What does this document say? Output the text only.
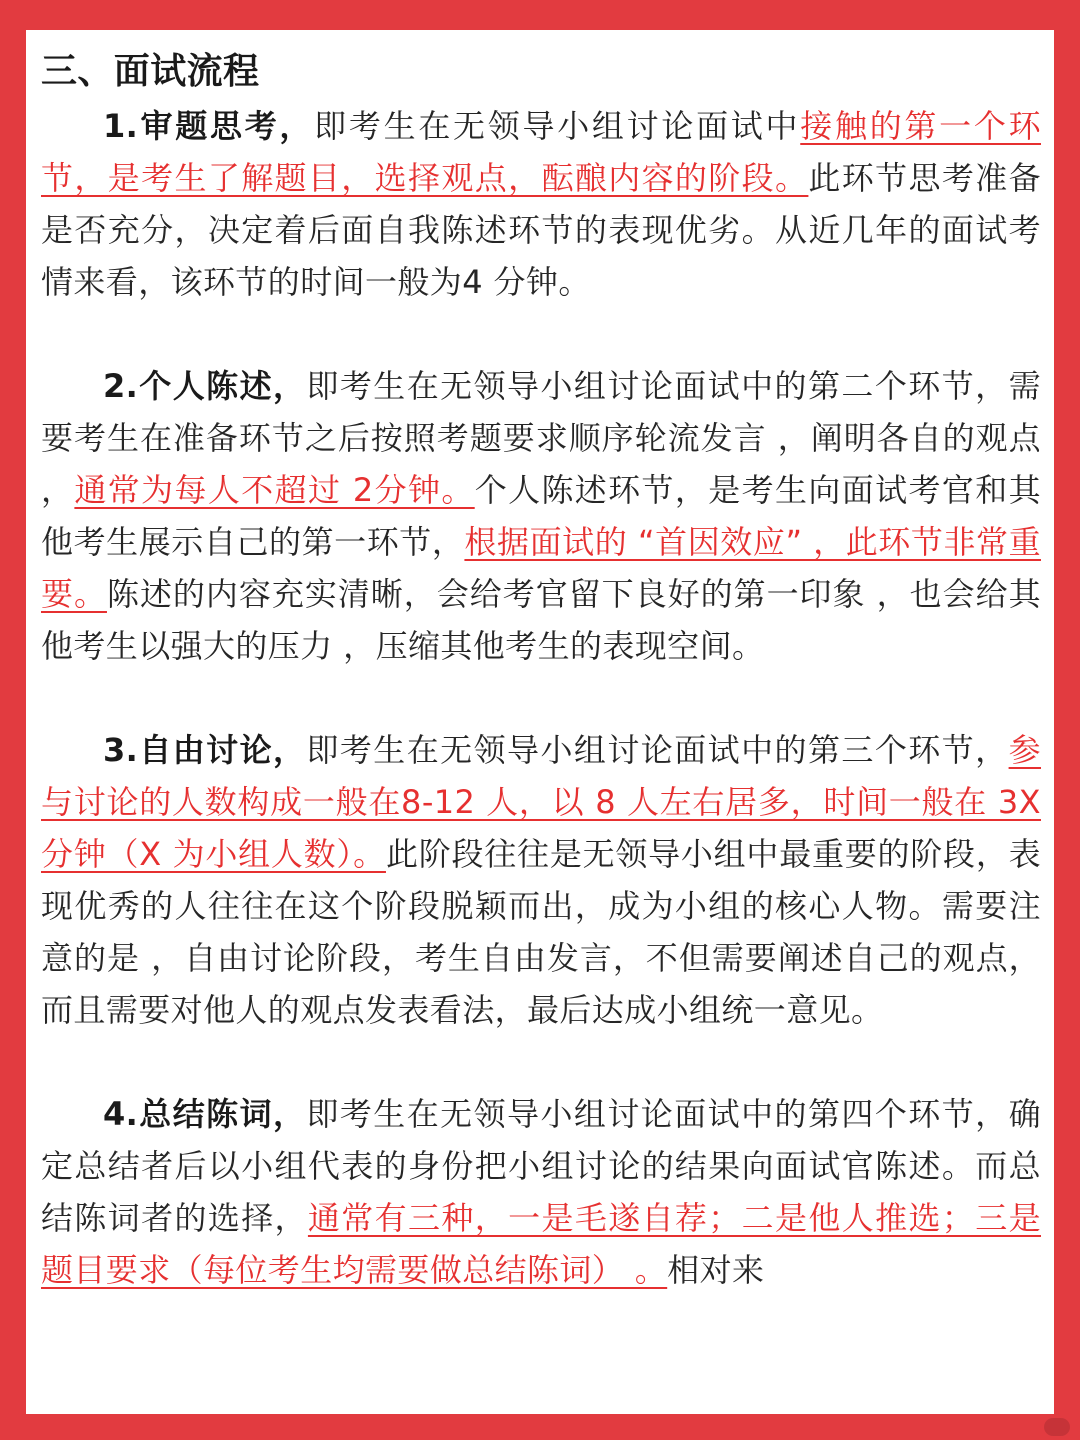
三、面试流程

1.审题思考，即考生在无领导小组讨论面试中接触的第一个环节，是考生了解题目，选择观点，酝酿内容的阶段。此环节思考准备是否充分，决定着后面自我陈述环节的表现优劣。从近几年的面试考情来看，该环节的时间一般为4 分钟。

2.个人陈述，即考生在无领导小组讨论面试中的第二个环节，需要考生在准备环节之后按照考题要求顺序轮流发言 ，阐明各自的观点 ，通常为每人不超过 2分钟。个人陈述环节，是考生向面试考官和其他考生展示自己的第一环节，根据面试的 “首因效应” ，此环节非常重要。陈述的内容充实清晰，会给考官留下良好的第一印象 ，也会给其他考生以强大的压力 ，压缩其他考生的表现空间。

3.自由讨论，即考生在无领导小组讨论面试中的第三个环节，参与讨论的人数构成一般在8-12 人，以 8 人左右居多，时间一般在 3X 分钟（X 为小组人数）。此阶段往往是无领导小组中最重要的阶段，表现优秀的人往往在这个阶段脱颖而出，成为小组的核心人物。需要注意的是 ，自由讨论阶段，考生自由发言，不但需要阐述自己的观点，而且需要对他人的观点发表看法，最后达成小组统一意见。

4.总结陈词，即考生在无领导小组讨论面试中的第四个环节，确定总结者后以小组代表的身份把小组讨论的结果向面试官陈述。而总结陈词者的选择，通常有三种，一是毛遂自荐；二是他人推选；三是题目要求（每位考生均需要做总结陈词） 。相对来
